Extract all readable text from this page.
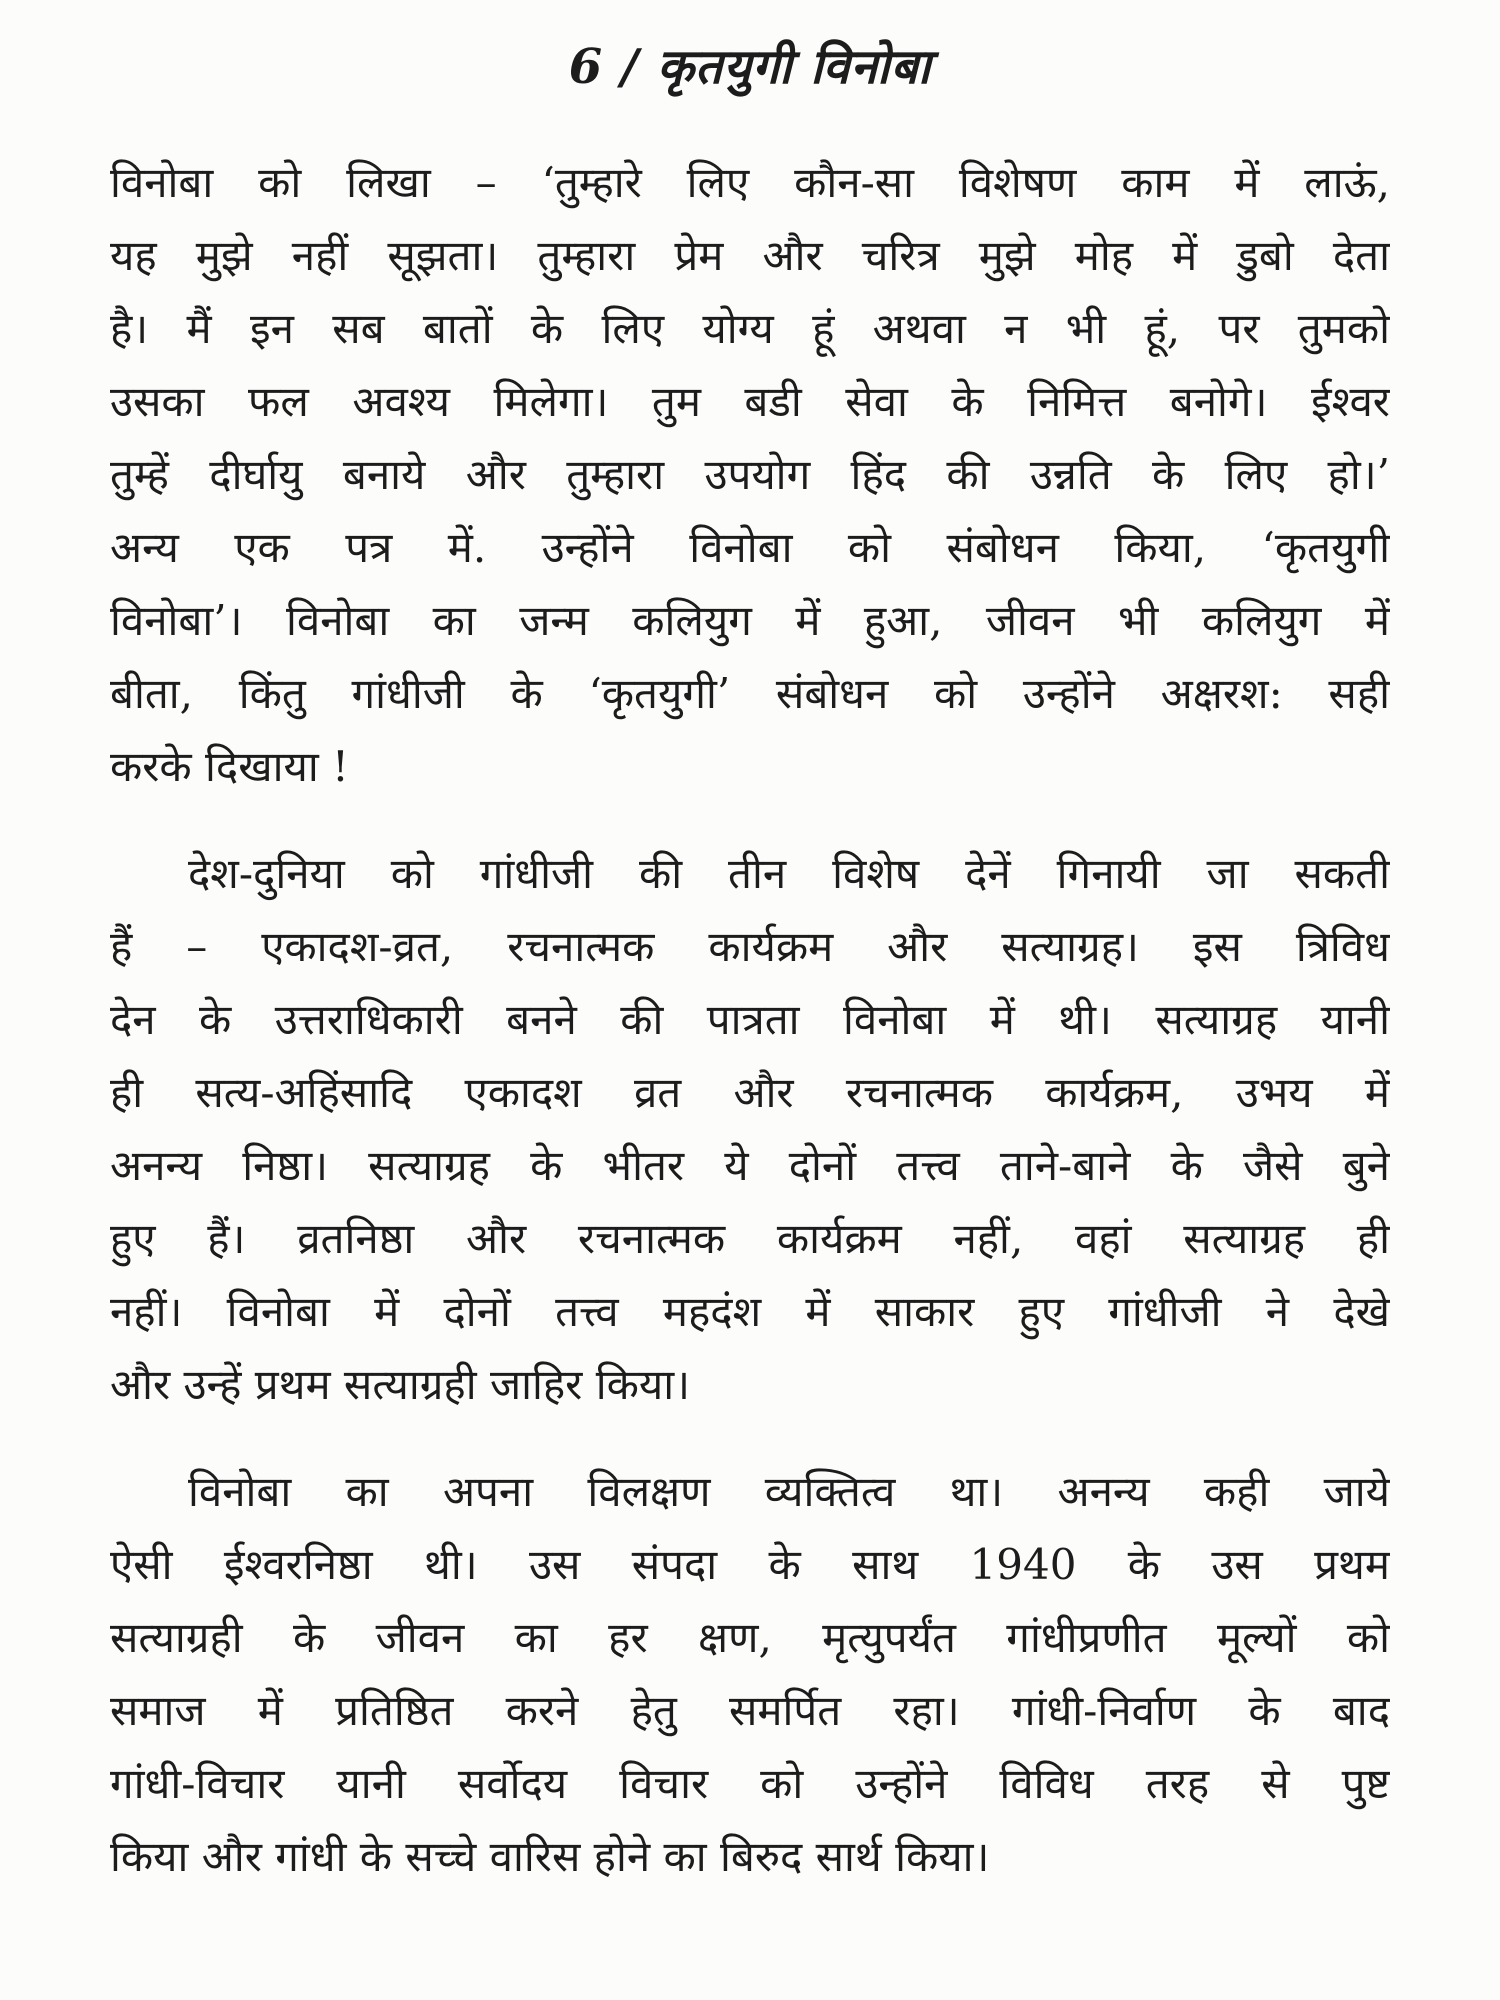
6 / कृतयुगी विनोबा
विनोबा को लिखा – ‘तुम्हारे लिए कौन-सा विशेषण काम में लाऊं,
यह मुझे नहीं सूझता। तुम्हारा प्रेम और चरित्र मुझे मोह में डुबो देता
है। मैं इन सब बातों के लिए योग्य हूं अथवा न भी हूं, पर तुमको
उसका फल अवश्य मिलेगा। तुम बडी सेवा के निमित्त बनोगे। ईश्वर
तुम्हें दीर्घायु बनाये और तुम्हारा उपयोग हिंद की उन्नति के लिए हो।’
अन्य एक पत्र में. उन्होंने विनोबा को संबोधन किया, ‘कृतयुगी
विनोबा’। विनोबा का जन्म कलियुग में हुआ, जीवन भी कलियुग में
बीता, किंतु गांधीजी के ‘कृतयुगी’ संबोधन को उन्होंने अक्षरश: सही
करके दिखाया !
देश-दुनिया को गांधीजी की तीन विशेष देनें गिनायी जा सकती
हैं – एकादश-व्रत, रचनात्मक कार्यक्रम और सत्याग्रह। इस त्रिविध
देन के उत्तराधिकारी बनने की पात्रता विनोबा में थी। सत्याग्रह यानी
ही सत्य-अहिंसादि एकादश व्रत और रचनात्मक कार्यक्रम, उभय में
अनन्य निष्ठा। सत्याग्रह के भीतर ये दोनों तत्त्व ताने-बाने के जैसे बुने
हुए हैं। व्रतनिष्ठा और रचनात्मक कार्यक्रम नहीं, वहां सत्याग्रह ही
नहीं। विनोबा में दोनों तत्त्व महदंश में साकार हुए गांधीजी ने देखे
और उन्हें प्रथम सत्याग्रही जाहिर किया।
विनोबा का अपना विलक्षण व्यक्तित्व था। अनन्य कही जाये
ऐसी ईश्वरनिष्ठा थी। उस संपदा के साथ 1940 के उस प्रथम
सत्याग्रही के जीवन का हर क्षण, मृत्युपर्यंत गांधीप्रणीत मूल्यों को
समाज में प्रतिष्ठित करने हेतु समर्पित रहा। गांधी-निर्वाण के बाद
गांधी-विचार यानी सर्वोदय विचार को उन्होंने विविध तरह से पुष्ट
किया और गांधी के सच्चे वारिस होने का बिरुद सार्थ किया।
